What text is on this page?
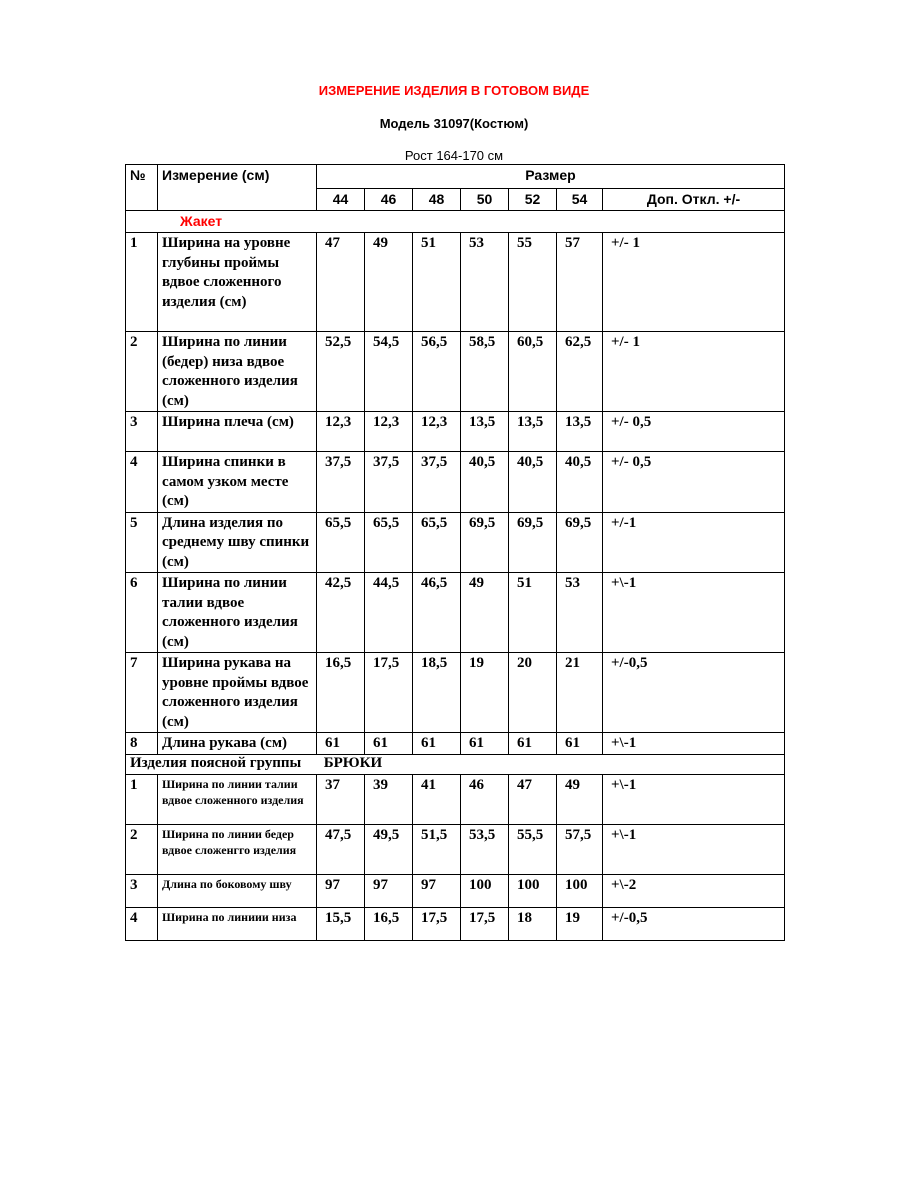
ИЗМЕРЕНИЕ ИЗДЕЛИЯ В ГОТОВОМ ВИДЕ
Модель 31097(Костюм)
Рост 164-170 см
№	Измерение (см)	Размер						
		44	46	48	50	52	54	Доп. Откл. +/-
Жакет								
1	Ширина на уровне глубины проймы вдвое сложенного изделия (см)	47	49	51	53	55	57	+/- 1
2	Ширина по линии (бедер) низа вдвое сложенного изделия (см)	52,5	54,5	56,5	58,5	60,5	62,5	+/- 1
3	Ширина плеча (см)	12,3	12,3	12,3	13,5	13,5	13,5	+/- 0,5
4	Ширина спинки в самом узком месте (см)	37,5	37,5	37,5	40,5	40,5	40,5	+/- 0,5
5	Длина изделия по среднему шву спинки (см)	65,5	65,5	65,5	69,5	69,5	69,5	+/-1
6	Ширина по линии талии вдвое сложенного изделия (см)	42,5	44,5	46,5	49	51	53	+\-1
7	Ширина рукава на уровне проймы вдвое сложенного изделия (см)	16,5	17,5	18,5	19	20	21	+/-0,5
8	Длина рукава (см)	61	61	61	61	61	61	+\-1
Изделия поясной группы      БРЮКИ								
1	Ширина по линии талии вдвое сложенного изделия	37	39	41	46	47	49	+\-1
2	Ширина по линии бедер вдвое сложенгго изделия	47,5	49,5	51,5	53,5	55,5	57,5	+\-1
3	Длина по боковому шву	97	97	97	100	100	100	+\-2
4	Ширина по линиии низа	15,5	16,5	17,5	17,5	18	19	+/-0,5
